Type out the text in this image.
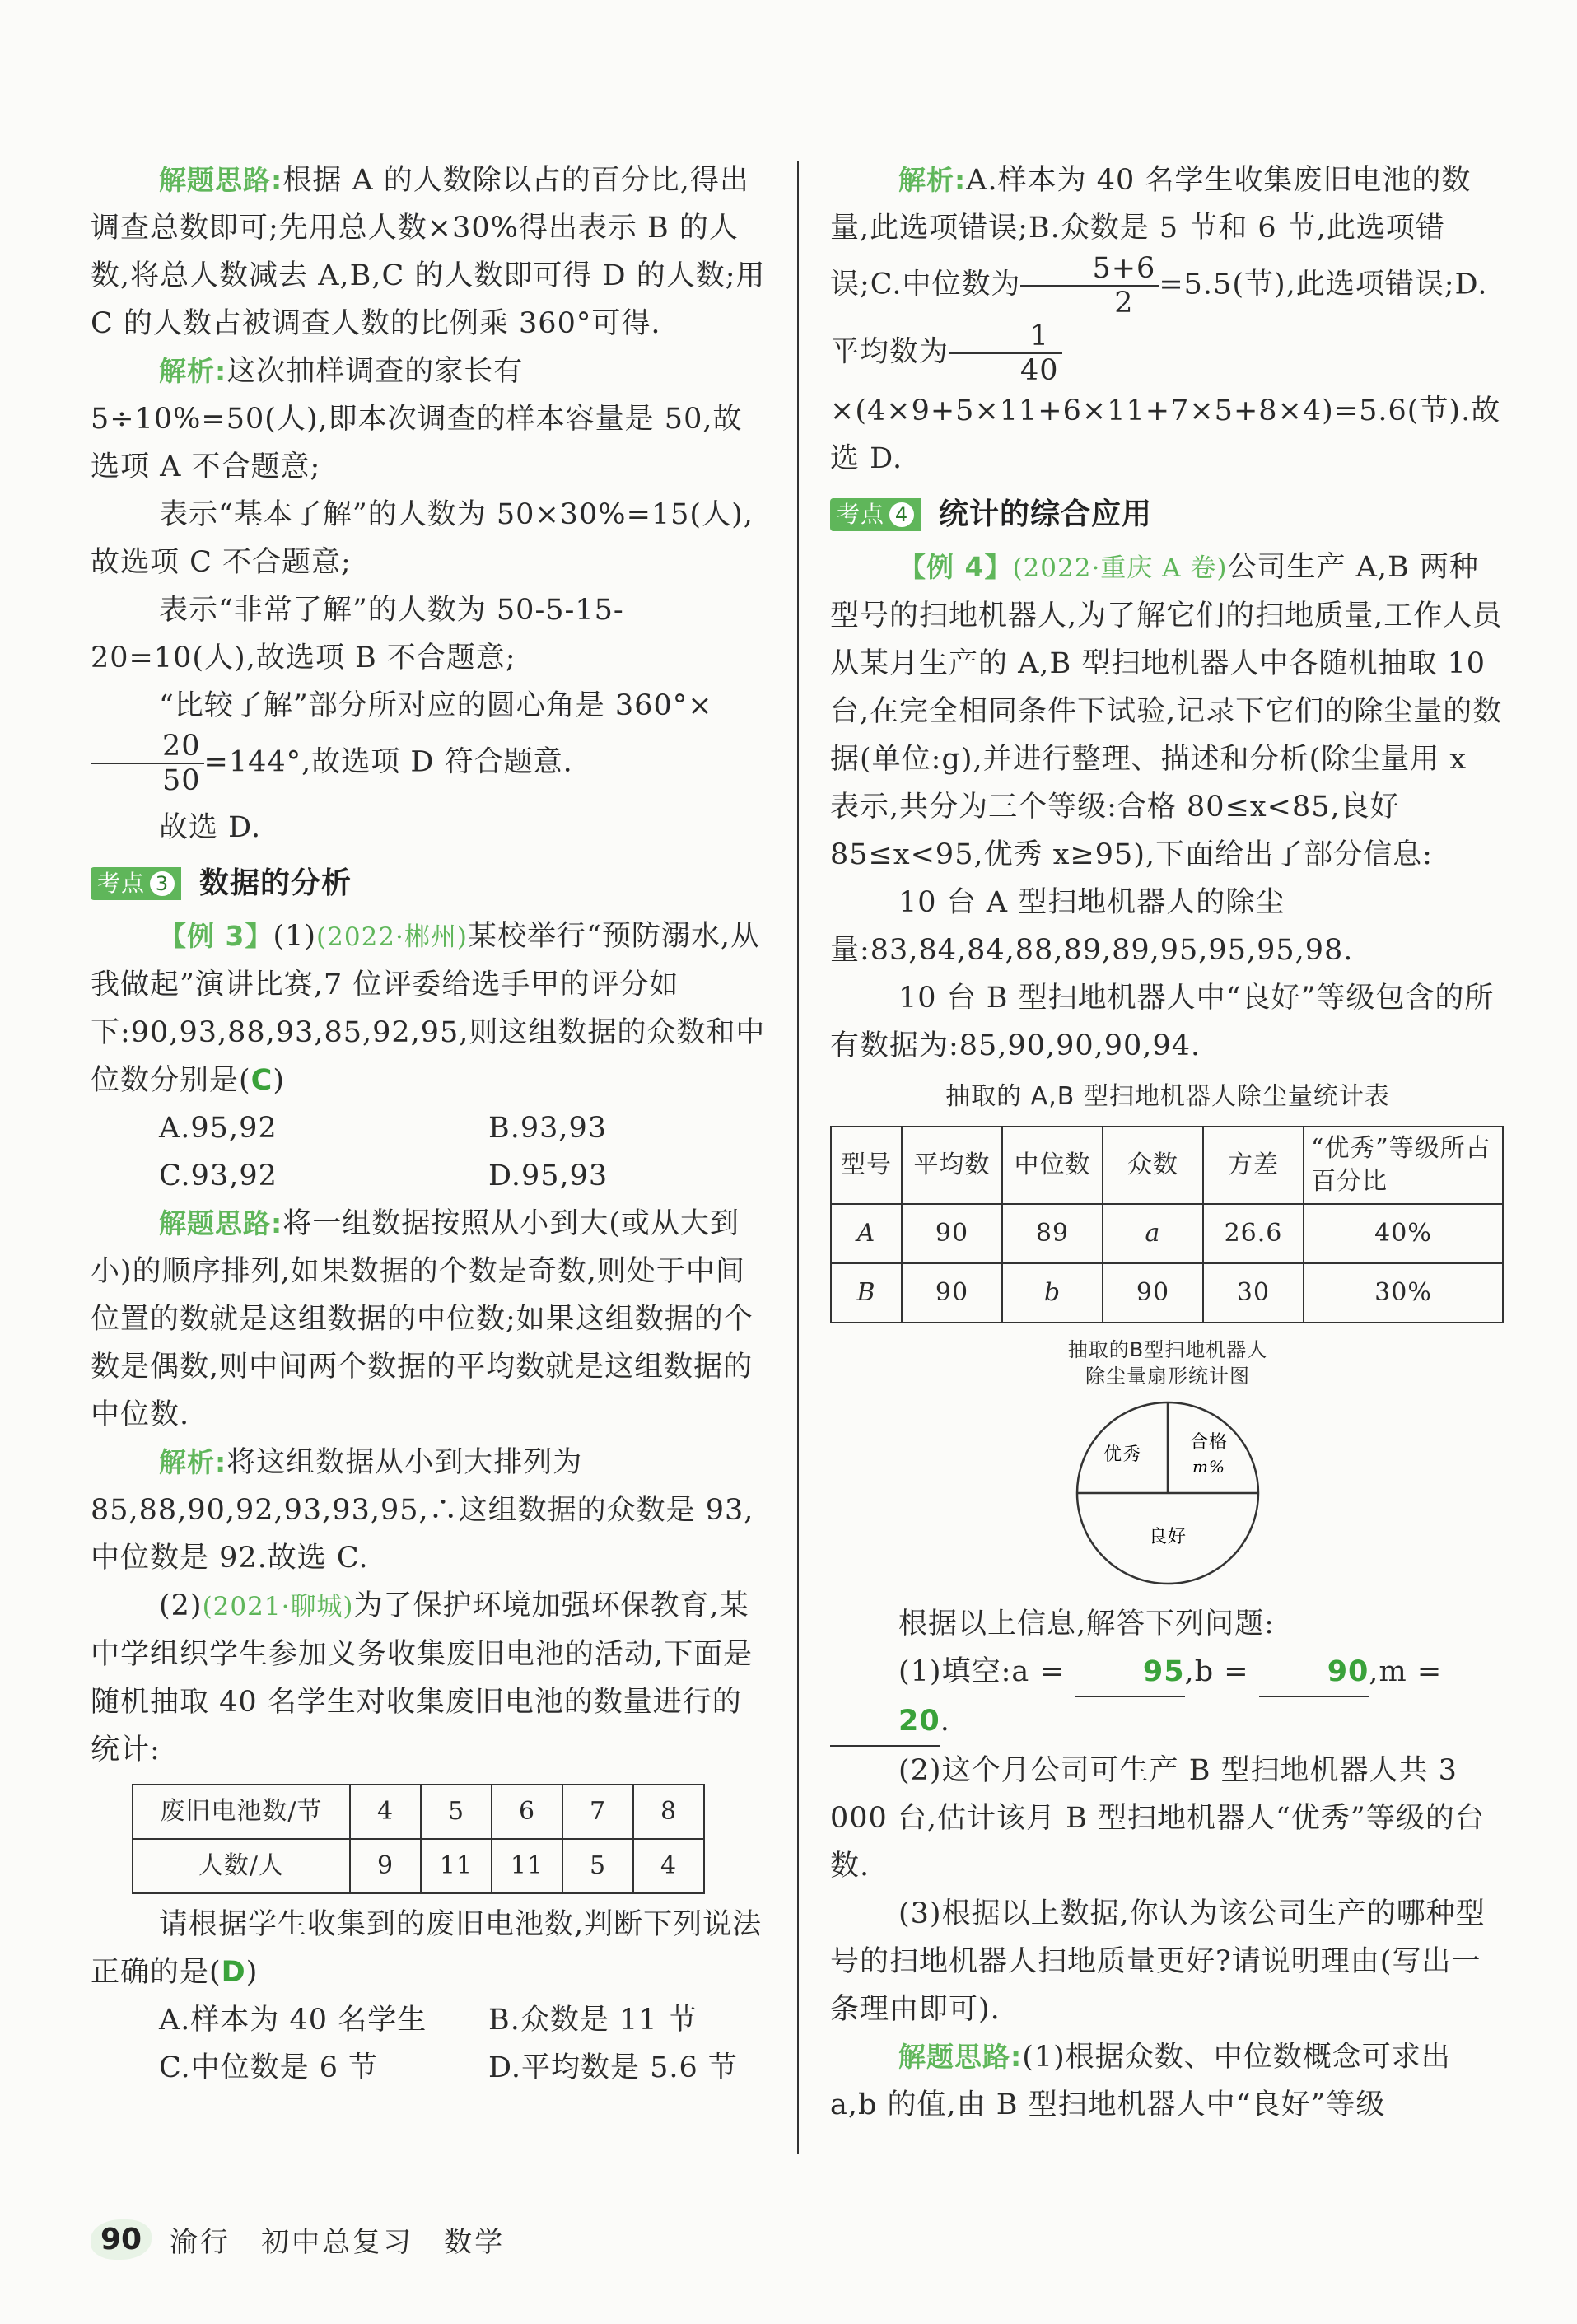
解题思路:根据 A 的人数除以占的百分比,得出调查总数即可;先用总人数×30%得出表示 B 的人数,将总人数减去 A,B,C 的人数即可得 D 的人数;用 C 的人数占被调查人数的比例乘 360°可得.

解析:这次抽样调查的家长有 5÷10%=50(人),即本次调查的样本容量是 50,故选项 A 不合题意;

表示“基本了解”的人数为 50×30%=15(人),故选项 C 不合题意;

表示“非常了解”的人数为 50-5-15-20=10(人),故选项 B 不合题意;

“比较了解”部分所对应的圆心角是 360°×
$\frac{20}{50} =144^\circ$,故选项 D 符合题意.

故选 D.

考点 3 数据的分析

【例 3】(1)(2022·郴州)某校举行“预防溺水,从我做起”演讲比赛,7 位评委给选手甲的评分如下:90,93,88,93,85,92,95,则这组数据的众数和中位数分别是(C)

A.95,92	B.93,93
C.93,92	D.95,93

解题思路:将一组数据按照从小到大(或从大到小)的顺序排列,如果数据的个数是奇数,则处于中间位置的数就是这组数据的中位数;如果这组数据的个数是偶数,则中间两个数据的平均数就是这组数据的中位数.

解析:将这组数据从小到大排列为 85,88,90,92,93,93,95,∴这组数据的众数是 93,中位数是 92.故选 C.

(2)(2021·聊城)为了保护环境加强环保教育,某中学组织学生参加义务收集废旧电池的活动,下面是随机抽取 40 名学生对收集废旧电池的数量进行的统计:

废旧电池数/节	4	5	6	7	8
人数/人	9	11	11	5	4

请根据学生收集到的废旧电池数,判断下列说法正确的是(D)

A.样本为 40 名学生	B.众数是 11 节
C.中位数是 6 节	D.平均数是 5.6 节

解析:A.样本为 40 名学生收集废旧电池的数量,此选项错误;B.众数是 5 节和 6 节,此选项错误;C.中位数为 $\frac{5+6}{2} =5.5$(节),此选项错误;D.平均数为 $\frac{1}{40}$
×(4×9+5×11+6×11+7×5+8×4)=5.6(节).故选 D.

考点 4 统计的综合应用

【例 4】(2022·重庆 A 卷)公司生产 A,B 两种型号的扫地机器人,为了解它们的扫地质量,工作人员从某月生产的 A,B 型扫地机器人中各随机抽取 10 台,在完全相同条件下试验,记录下它们的除尘量的数据(单位:g),并进行整理、描述和分析(除尘量用 x 表示,共分为三个等级:合格 80≤x<85,良好 85≤x<95,优秀 x≥95),下面给出了部分信息:

10 台 A 型扫地机器人的除尘量:83,84,84,88,89,89,95,95,95,98.

10 台 B 型扫地机器人中“良好”等级包含的所有数据为:85,90,90,90,94.

抽取的 A,B 型扫地机器人除尘量统计表
型号	平均数	中位数	众数	方差	“优秀”等级所占百分比
A	90	89	a	26.6	40%
B	90	b	90	30	30%
抽取的B型扫地机器人
除尘量扇形统计图
优秀
合格
m%
良好

根据以上信息,解答下列问题:

(1)填空:a =	95,b =	90,m = 20.

(2)这个月公司可生产 B 型扫地机器人共 3 000 台,估计该月 B 型扫地机器人“优秀”等级的台数.

(3)根据以上数据,你认为该公司生产的哪种型号的扫地机器人扫地质量更好?请说明理由(写出一条理由即可).

解题思路:(1)根据众数、中位数概念可求出 a,b 的值,由 B 型扫地机器人中“良好”等级

90	渝行　初中总复习　数学
